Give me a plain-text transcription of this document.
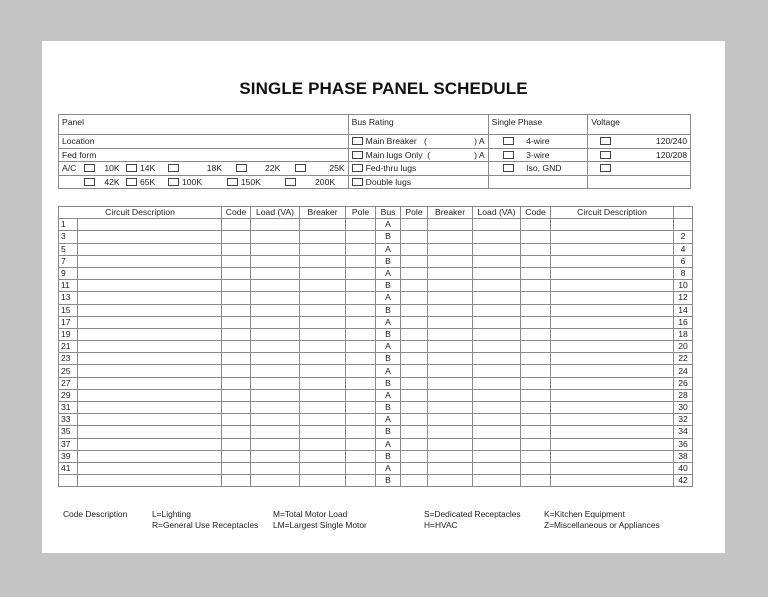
SINGLE PHASE PANEL SCHEDULE
Panel	Bus Rating	Single Phase	Voltage
Location	Main Breaker ( ) A	4-wire	120/240

Fed form	Main lugs Only ( ) A	3-wire	120/208

A/C 10K 14K 18K 22K 25K	Fed-thru lugs	Iso, GND	
42K 65K 100K 150K 200K	Double lugs		
Circuit Description		Code	Load (VA)	Breaker	Pole	Bus	Pole	Breaker	Load (VA)	Code	Circuit Description	
1						A						
3						B						2
5						A						4
7						B						6
9						A						8
11						B						10
13						A						12
15						B						14
17						A						16
19						B						18
21						A						20
23						B						22
25						A						24
27						B						26
29						A						28
31						B						30
33						A						32
35						B						34
37						A						36
39						B						38
41						A						40
						B						42
Code Description	L=Lighting
R=General Use Receptacles
M=Total Motor Load
LM=Largest Single Motor
S=Dedicated Receptacles
H=HVAC
K=Kitchen Equipment
Z=Miscellaneous or Appliances
